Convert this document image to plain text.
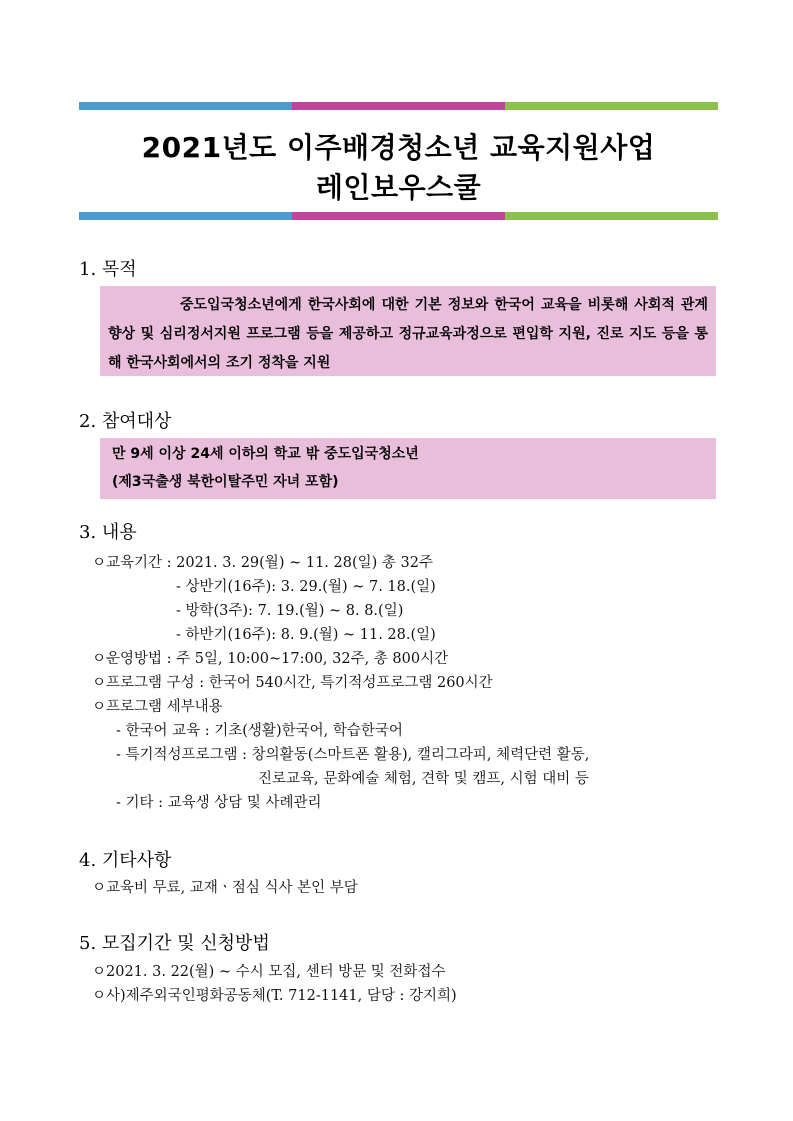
2021년도 이주배경청소년 교육지원사업
레인보우스쿨
1. 목적

중도입국청소년에게 한국사회에 대한 기본 정보와 한국어 교육을 비롯해 사회적 관계 향상 및 심리정서지원 프로그램 등을 제공하고 정규교육과정으로 편입학 지원, 진로 지도 등을 통해 한국사회에서의 조기 정착을 지원

2. 참여대상
만 9세 이상 24세 이하의 학교 밖 중도입국청소년
(제3국출생 북한이탈주민 자녀 포함)
3. 내용
ㅇ교육기간 : 2021. 3. 29(월) ~ 11. 28(일) 총 32주
- 상반기(16주): 3. 29.(월) ~ 7. 18.(일)
- 방학(3주): 7. 19.(월) ~ 8. 8.(일)
- 하반기(16주): 8. 9.(월) ~ 11. 28.(일)
ㅇ운영방법 : 주 5일, 10:00~17:00, 32주, 총 800시간
ㅇ프로그램 구성 : 한국어 540시간, 특기적성프로그램 260시간
ㅇ프로그램 세부내용
- 한국어 교육 : 기초(생활)한국어, 학습한국어
- 특기적성프로그램 : 창의활동(스마트폰 활용), 캘리그라피, 체력단련 활동,
진로교육, 문화예술 체험, 견학 및 캠프, 시험 대비 등
- 기타 : 교육생 상담 및 사례관리
4. 기타사항
ㅇ교육비 무료, 교재ㆍ점심 식사 본인 부담
5. 모집기간 및 신청방법
ㅇ2021. 3. 22(월) ~ 수시 모집, 센터 방문 및 전화접수
ㅇ사)제주외국인평화공동체(T. 712-1141, 담당 : 강지희)
